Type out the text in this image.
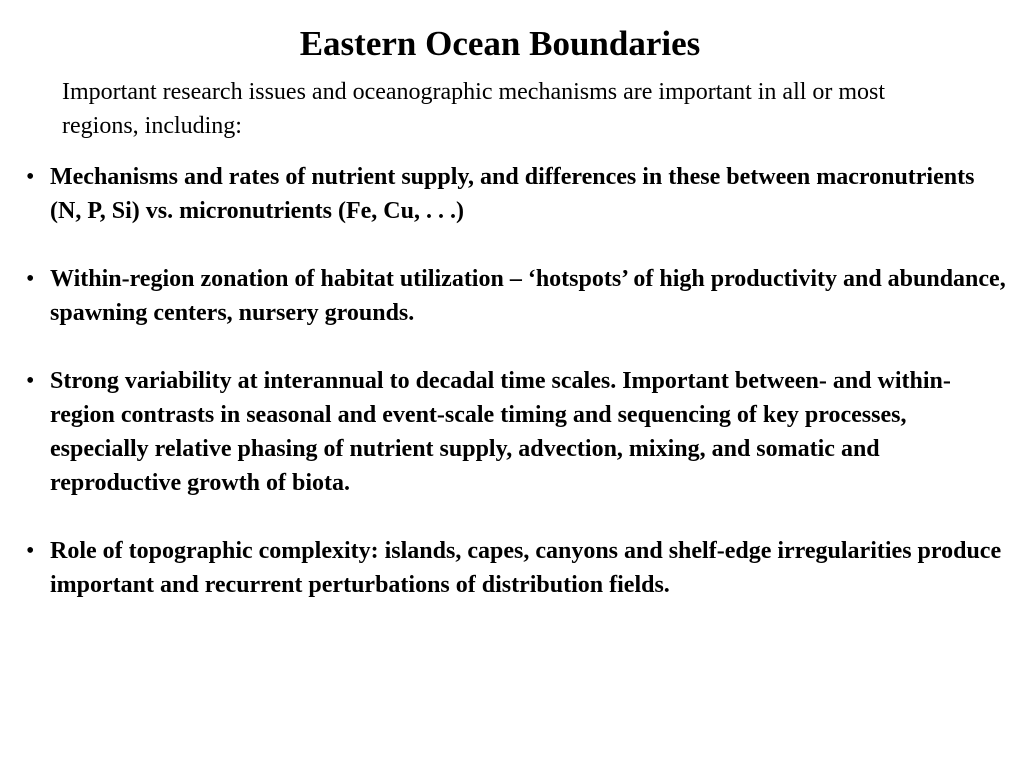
Eastern Ocean Boundaries

Important research issues and oceanographic mechanisms are important in all or most regions, including:

• Mechanisms and rates of nutrient supply, and differences in these between macronutrients (N, P, Si) vs. micronutrients (Fe, Cu, . . .)
• Within-region zonation of habitat utilization – ‘hotspots’ of high productivity and abundance, spawning centers, nursery grounds.
• Strong variability at interannual to decadal time scales. Important between- and within-region contrasts in seasonal and event-scale timing and sequencing of key processes, especially relative phasing of nutrient supply, advection, mixing, and somatic and reproductive growth of biota.
• Role of topographic complexity: islands, capes, canyons and shelf-edge irregularities produce important and recurrent perturbations of distribution fields.
